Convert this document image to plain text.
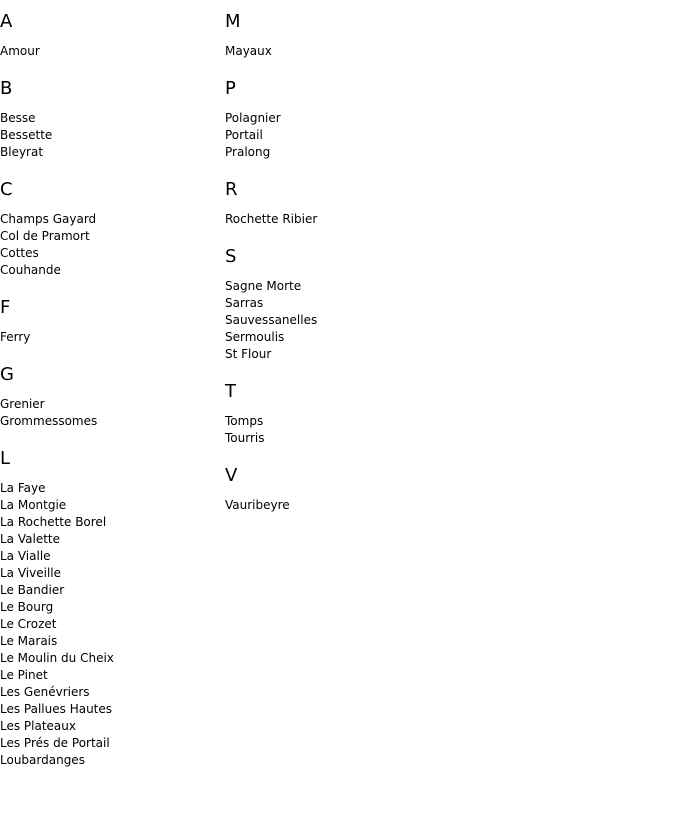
A
Amour
B
Besse
Bessette
Bleyrat
C
Champs Gayard
Col de Pramort
Cottes
Couhande
F
Ferry
G
Grenier
Grommessomes
L
La Faye
La Montgie
La Rochette Borel
La Valette
La Vialle
La Viveille
Le Bandier
Le Bourg
Le Crozet
Le Marais
Le Moulin du Cheix
Le Pinet
Les Genévriers
Les Pallues Hautes
Les Plateaux
Les Prés de Portail
Loubardanges
M
Mayaux
P
Polagnier
Portail
Pralong
R
Rochette Ribier
S
Sagne Morte
Sarras
Sauvessanelles
Sermoulis
St Flour
T
Tomps
Tourris
V
Vauribeyre
